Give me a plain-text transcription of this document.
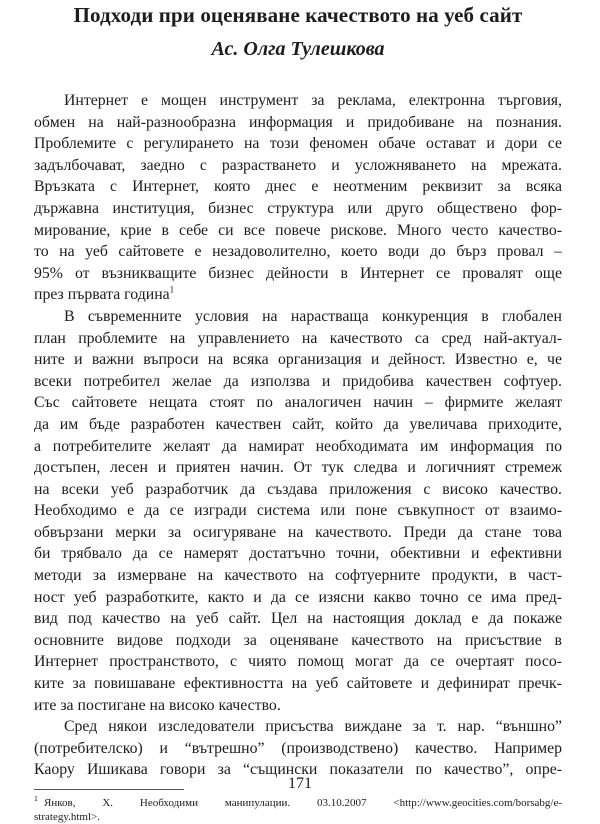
Подходи при оценяване качеството на уеб сайт
Ас. Олга Тулешкова
Интернет е мощен инструмент за реклама, електронна търговия,
обмен на най-разнообразна информация и придобиване на познания.
Проблемите с регулирането на този феномен обаче остават и дори се
задълбочават, заедно с разрастването и усложняването на мрежата.
Връзката с Интернет, която днес е неотменим реквизит за всяка
държавна институция, бизнес структура или друго обществено фор-
мирование, крие в себе си все повече рискове. Много често качество-
то на уеб сайтовете е незадоволително, което води до бърз провал –
95% от възникващите бизнес дейности в Интернет се провалят още
през първата година$^1$
В съвременните условия на нарастваща конкуренция в глобален
план проблемите на управлението на качеството са сред най-актуал-
ните и важни въпроси на всяка организация и дейност. Известно е, че
всеки потребител желае да използва и придобива качествен софтуер.
Със сайтовете нещата стоят по аналогичен начин – фирмите желаят
да им бъде разработен качествен сайт, който да увеличава приходите,
а потребителите желаят да намират необходимата им информация по
достъпен, лесен и приятен начин. От тук следва и логичният стремеж
на всеки уеб разработчик да създава приложения с високо качество.
Необходимо е да се изгради система или поне съвкупност от взаимо-
обвързани мерки за осигуряване на качеството. Преди да стане това
би трябвало да се намерят достатъчно точни, обективни и ефективни
методи за измерване на качеството на софтуерните продукти, в част-
ност уеб разработките, както и да се изясни какво точно се има пред-
вид под качество на уеб сайт. Цел на настоящия доклад е да покаже
основните видове подходи за оценяване качеството на присъствие в
Интернет пространството, с чиято помощ могат да се очертаят посо-
ките за повишаване ефективността на уеб сайтовете и дефинират пречк-
ите за постигане на високо качество.
Сред някои изследователи присъства виждане за т. нар. “външно”
(потребителско) и “вътрешно” (производствено) качество. Например
Каору Ишикава говори за “същински показатели по качество”, опре-
$^1$ Янков, Х. Необходими манипулации. 03.10.2007 <http://www.geocities.com/borsabg/e-
strategy.html>.
171
